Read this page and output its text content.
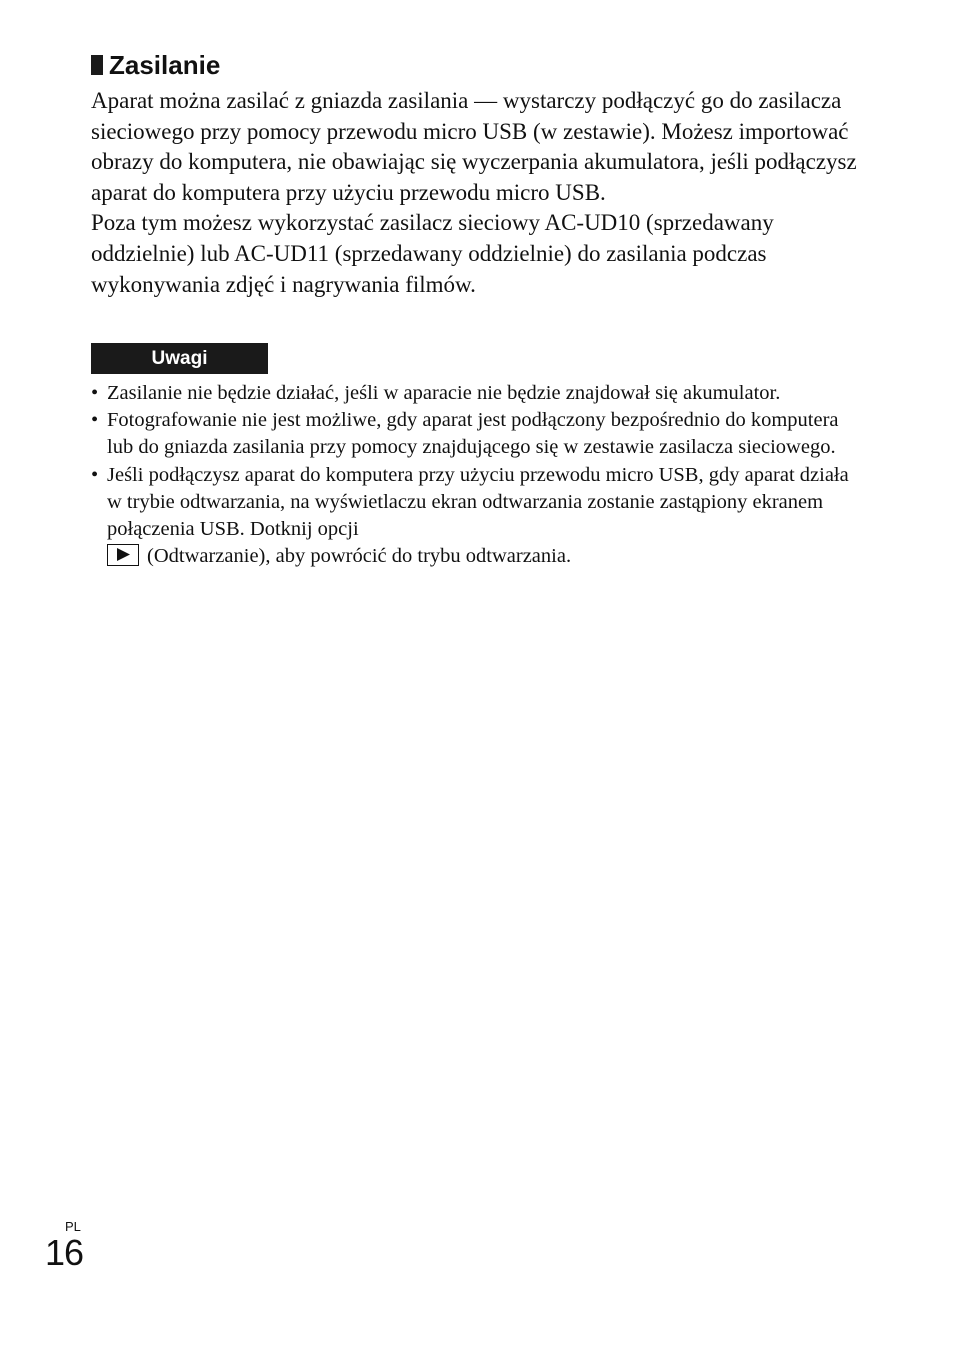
Zasilanie

Aparat można zasilać z gniazda zasilania — wystarczy podłączyć go do zasilacza sieciowego przy pomocy przewodu micro USB (w zestawie). Możesz importować obrazy do komputera, nie obawiając się wyczerpania akumulatora, jeśli podłączysz aparat do komputera przy użyciu przewodu micro USB.

Poza tym możesz wykorzystać zasilacz sieciowy AC-UD10 (sprzedawany oddzielnie) lub AC-UD11 (sprzedawany oddzielnie) do zasilania podczas wykonywania zdjęć i nagrywania filmów.

Uwagi
• Zasilanie nie będzie działać, jeśli w aparacie nie będzie znajdował się akumulator.
• Fotografowanie nie jest możliwe, gdy aparat jest podłączony bezpośrednio do komputera lub do gniazda zasilania przy pomocy znajdującego się w zestawie zasilacza sieciowego.
• Jeśli podłączysz aparat do komputera przy użyciu przewodu micro USB, gdy aparat działa w trybie odtwarzania, na wyświetlaczu ekran odtwarzania zostanie zastąpiony ekranem połączenia USB. Dotknij opcji

(Odtwarzanie), aby powrócić do trybu odtwarzania.
PL
16
